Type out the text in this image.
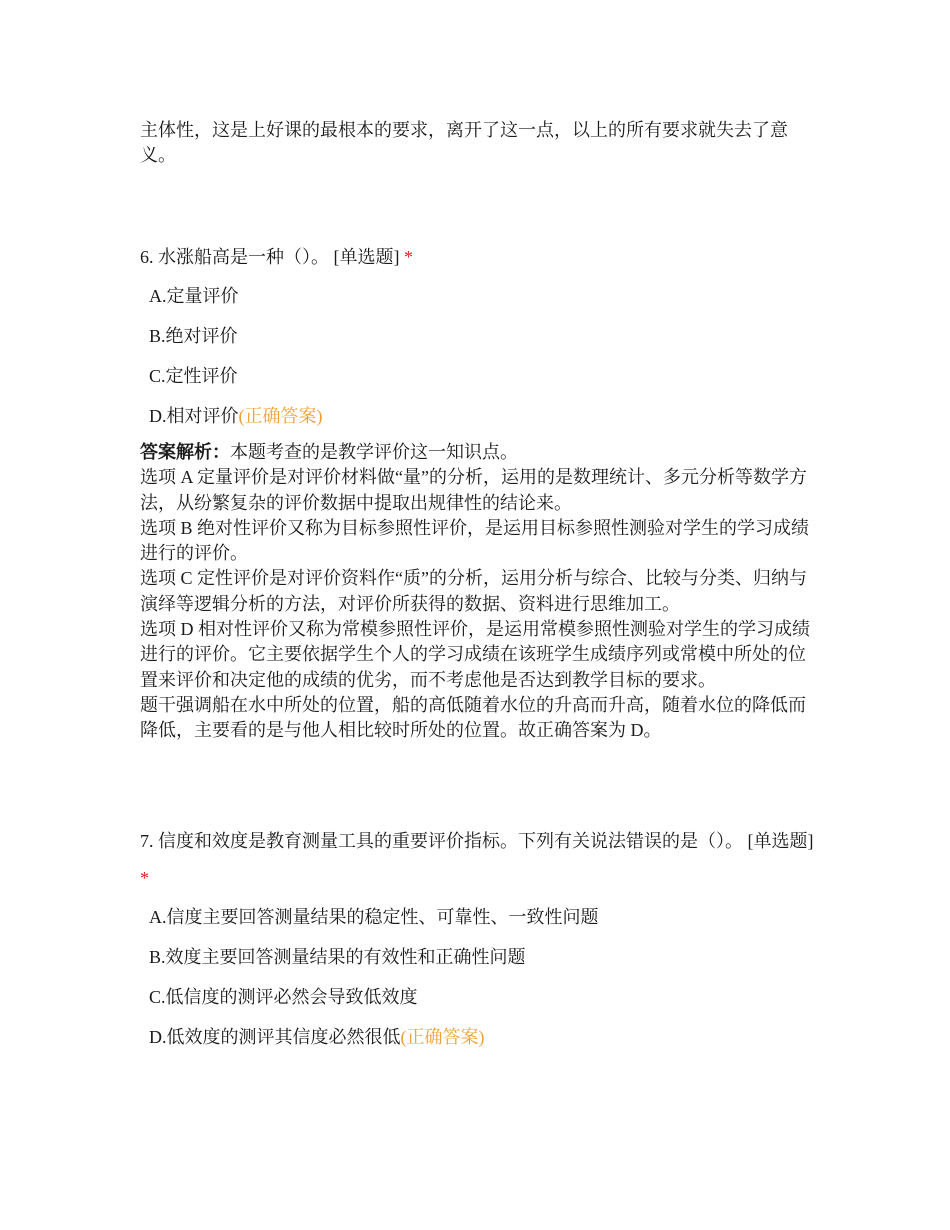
主体性，这是上好课的最根本的要求，离开了这一点，以上的所有要求就失去了意义。

6. 水涨船高是一种（）。 [单选题] *

A.定量评价
B.绝对评价
C.定性评价
D.相对评价(正确答案)

答案解析：本题考查的是教学评价这一知识点。

选项 A 定量评价是对评价材料做“量”的分析，运用的是数理统计、多元分析等数学方法，从纷繁复杂的评价数据中提取出规律性的结论来。

选项 B 绝对性评价又称为目标参照性评价，是运用目标参照性测验对学生的学习成绩进行的评价。

选项 C 定性评价是对评价资料作“质”的分析，运用分析与综合、比较与分类、归纳与演绎等逻辑分析的方法，对评价所获得的数据、资料进行思维加工。

选项 D 相对性评价又称为常模参照性评价，是运用常模参照性测验对学生的学习成绩进行的评价。它主要依据学生个人的学习成绩在该班学生成绩序列或常模中所处的位置来评价和决定他的成绩的优劣，而不考虑他是否达到教学目标的要求。

题干强调船在水中所处的位置，船的高低随着水位的升高而升高，随着水位的降低而降低，主要看的是与他人相比较时所处的位置。故正确答案为 D。

7. 信度和效度是教育测量工具的重要评价指标。下列有关说法错误的是（）。 [单选题] *

A.信度主要回答测量结果的稳定性、可靠性、一致性问题
B.效度主要回答测量结果的有效性和正确性问题
C.低信度的测评必然会导致低效度
D.低效度的测评其信度必然很低(正确答案)
